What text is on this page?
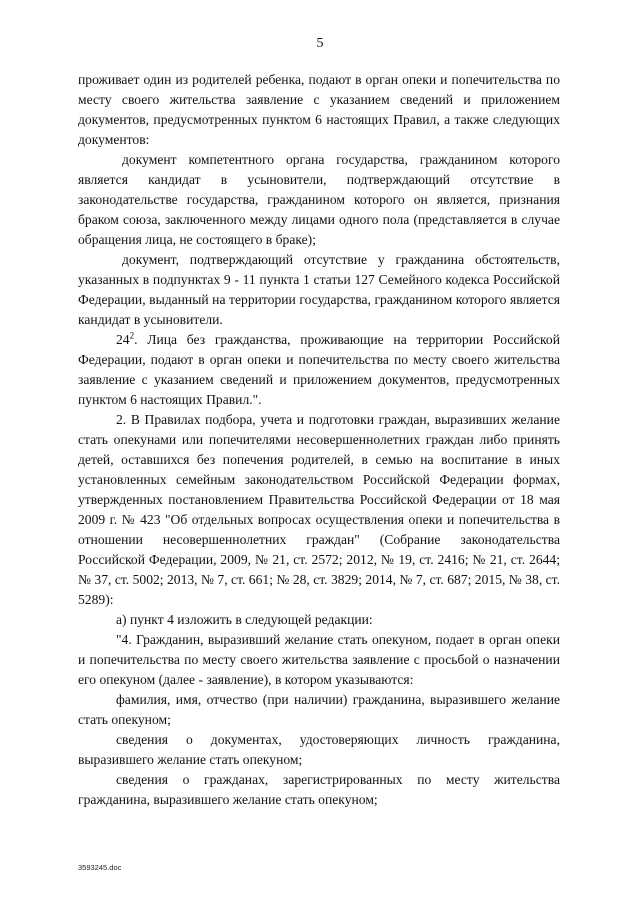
5

проживает один из родителей ребенка, подают в орган опеки и попечительства по месту своего жительства заявление с указанием сведений и приложением документов, предусмотренных пунктом 6 настоящих Правил, а также следующих документов:

документ компетентного органа государства, гражданином которого является кандидат в усыновители, подтверждающий отсутствие в законодательстве государства, гражданином которого он является, признания браком союза, заключенного между лицами одного пола (представляется в случае обращения лица, не состоящего в браке);

документ, подтверждающий отсутствие у гражданина обстоятельств, указанных в подпунктах 9 - 11 пункта 1 статьи 127 Семейного кодекса Российской Федерации, выданный на территории государства, гражданином которого является кандидат в усыновители.

$24^2$. Лица без гражданства, проживающие на территории Российской Федерации, подают в орган опеки и попечительства по месту своего жительства заявление с указанием сведений и приложением документов, предусмотренных пунктом 6 настоящих Правил.".

2. В Правилах подбора, учета и подготовки граждан, выразивших желание стать опекунами или попечителями несовершеннолетних граждан либо принять детей, оставшихся без попечения родителей, в семью на воспитание в иных установленных семейным законодательством Российской Федерации формах, утвержденных постановлением Правительства Российской Федерации от 18 мая 2009 г. № 423 "Об отдельных вопросах осуществления опеки и попечительства в отношении несовершеннолетних граждан" (Собрание законодательства Российской Федерации, 2009, № 21, ст. 2572; 2012, № 19, ст. 2416; № 21, ст. 2644; № 37, ст. 5002; 2013, № 7, ст. 661; № 28, ст. 3829; 2014, № 7, ст. 687; 2015, № 38, ст. 5289):

а) пункт 4 изложить в следующей редакции:

"4. Гражданин, выразивший желание стать опекуном, подает в орган опеки и попечительства по месту своего жительства заявление с просьбой о назначении его опекуном (далее - заявление), в котором указываются:

фамилия, имя, отчество (при наличии) гражданина, выразившего желание стать опекуном;

сведения о документах, удостоверяющих личность гражданина, выразившего желание стать опекуном;

сведения о гражданах, зарегистрированных по месту жительства гражданина, выразившего желание стать опекуном;

3593245.doc
